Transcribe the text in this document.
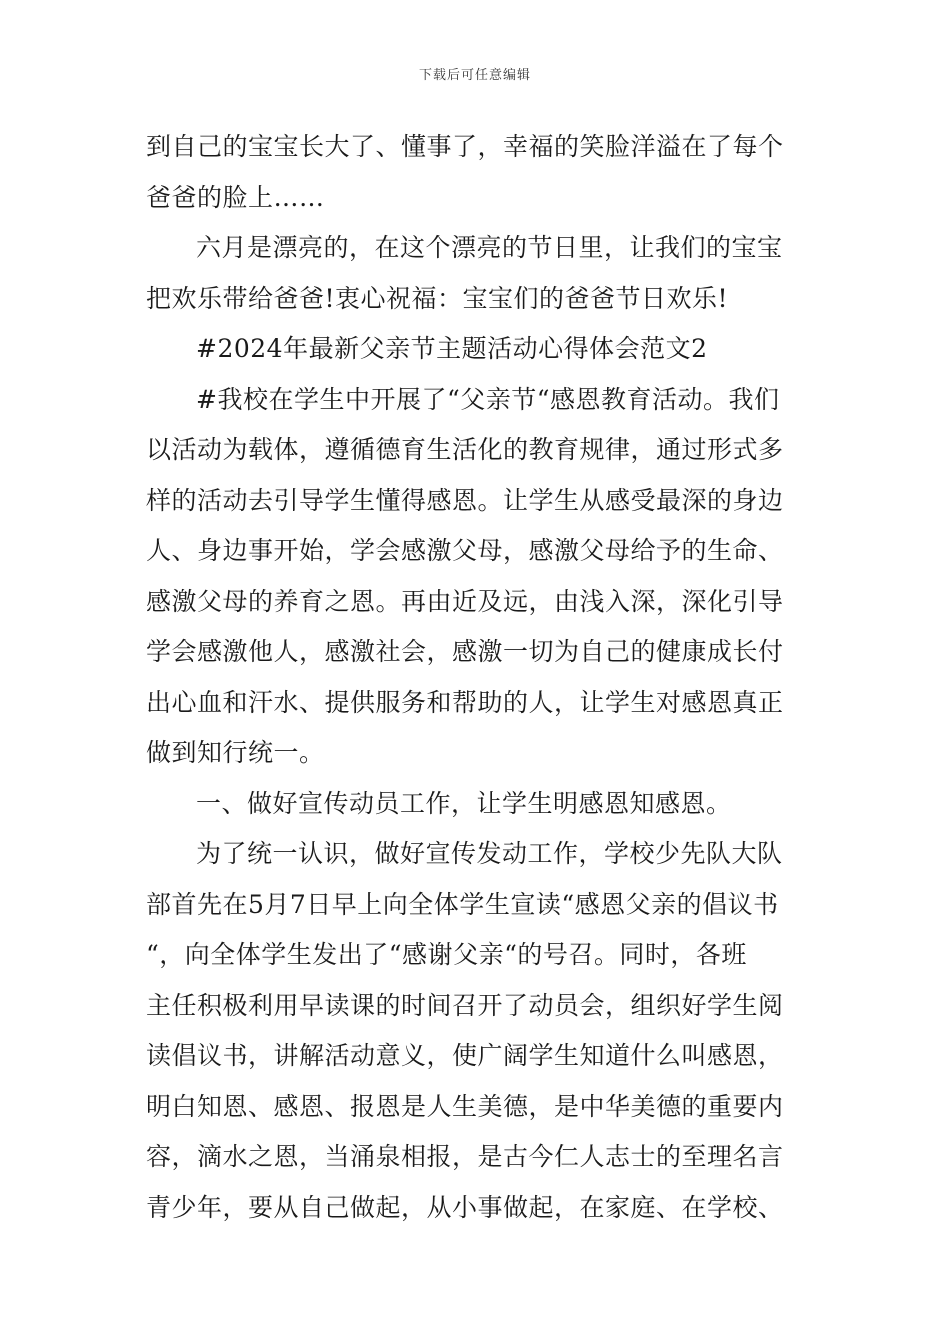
下载后可任意编辑

到自己的宝宝长大了、懂事了，幸福的笑脸洋溢在了每个
爸爸的脸上……

六月是漂亮的，在这个漂亮的节日里，让我们的宝宝
把欢乐带给爸爸!衷心祝福：宝宝们的爸爸节日欢乐!

#2024年最新父亲节主题活动心得体会范文2

#我校在学生中开展了“父亲节“感恩教育活动。我们
以活动为载体，遵循德育生活化的教育规律，通过形式多
样的活动去引导学生懂得感恩。让学生从感受最深的身边
人、身边事开始，学会感激父母，感激父母给予的生命、
感激父母的养育之恩。再由近及远，由浅入深，深化引导
学会感激他人，感激社会，感激一切为自己的健康成长付
出心血和汗水、提供服务和帮助的人，让学生对感恩真正
做到知行统一。

一、做好宣传动员工作，让学生明感恩知感恩。

为了统一认识，做好宣传发动工作，学校少先队大队
部首先在5月7日早上向全体学生宣读“感恩父亲的倡议书
“，向全体学生发出了“感谢父亲“的号召。同时，各班
主任积极利用早读课的时间召开了动员会，组织好学生阅
读倡议书，讲解活动意义，使广阔学生知道什么叫感恩，
明白知恩、感恩、报恩是人生美德，是中华美德的重要内
容，滴水之恩，当涌泉相报，是古今仁人志士的至理名言
青少年，要从自己做起，从小事做起，在家庭、在学校、
